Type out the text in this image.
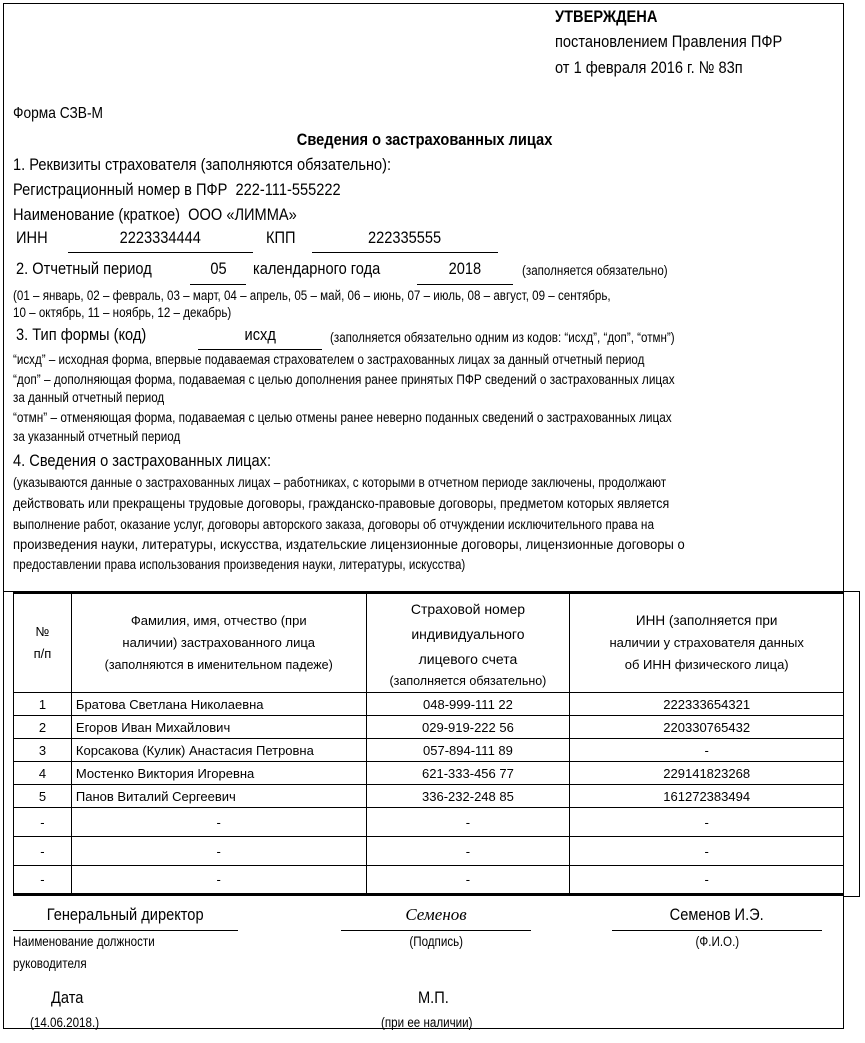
УТВЕРЖДЕНА
постановлением Правления ПФР
от 1 февраля 2016 г. № 83п
Форма СЗВ-М
Сведения о застрахованных лицах
1. Реквизиты страхователя (заполняются обязательно):
Регистрационный номер в ПФР 222-111-555222
Наименование (краткое) ООО «ЛИММА»
ИНН	2223334444	КПП	222335555
2. Отчетный период	05	календарного года	2018	(заполняется обязательно)
(01 – январь, 02 – февраль, 03 – март, 04 – апрель, 05 – май, 06 – июнь, 07 – июль, 08 – август, 09 – сентябрь,
10 – октябрь, 11 – ноябрь, 12 – декабрь)
3. Тип формы (код)	исхд	(заполняется обязательно одним из кодов: “исхд”, “доп”, “отмн”)
“исхд” – исходная форма, впервые подаваемая страхователем о застрахованных лицах за данный отчетный период
“доп” – дополняющая форма, подаваемая с целью дополнения ранее принятых ПФР сведений о застрахованных лицах
за данный отчетный период
“отмн” – отменяющая форма, подаваемая с целью отмены ранее неверно поданных сведений о застрахованных лицах
за указанный отчетный период
4. Сведения о застрахованных лицах:
(указываются данные о застрахованных лицах – работниках, с которыми в отчетном периоде заключены, продолжают
действовать или прекращены трудовые договоры, гражданско-правовые договоры, предметом которых является
выполнение работ, оказание услуг, договоры авторского заказа, договоры об отчуждении исключительного права на
произведения науки, литературы, искусства, издательские лицензионные договоры, лицензионные договоры о
предоставлении права использования произведения науки, литературы, искусства)
№
п/п

Фамилия, имя, отчество (при
наличии) застрахованного лица
(заполняются в именительном падеже)

Страховой номер
индивидуального
лицевого счета
(заполняется обязательно)

ИНН (заполняется при
наличии у страхователя данных
об ИНН физического лица)

1	Братова Светлана Николаевна	048-999-111 22	222333654321
2	Егоров Иван Михайлович	029-919-222 56	220330765432
3	Корсакова (Кулик) Анастасия Петровна	057-894-111 89	-
4	Мостенко Виктория Игоревна	621-333-456 77	229141823268
5	Панов Виталий Сергеевич	336-232-248 85	161272383494
-	-	-	-
-	-	-	-
-	-	-	-
Генеральный директор
Наименование должности
руководителя
Семенов
(Подпись)
Семенов И.Э.
(Ф.И.О.)
Дата
(14.06.2018.)
М.П.
(при ее наличии)
